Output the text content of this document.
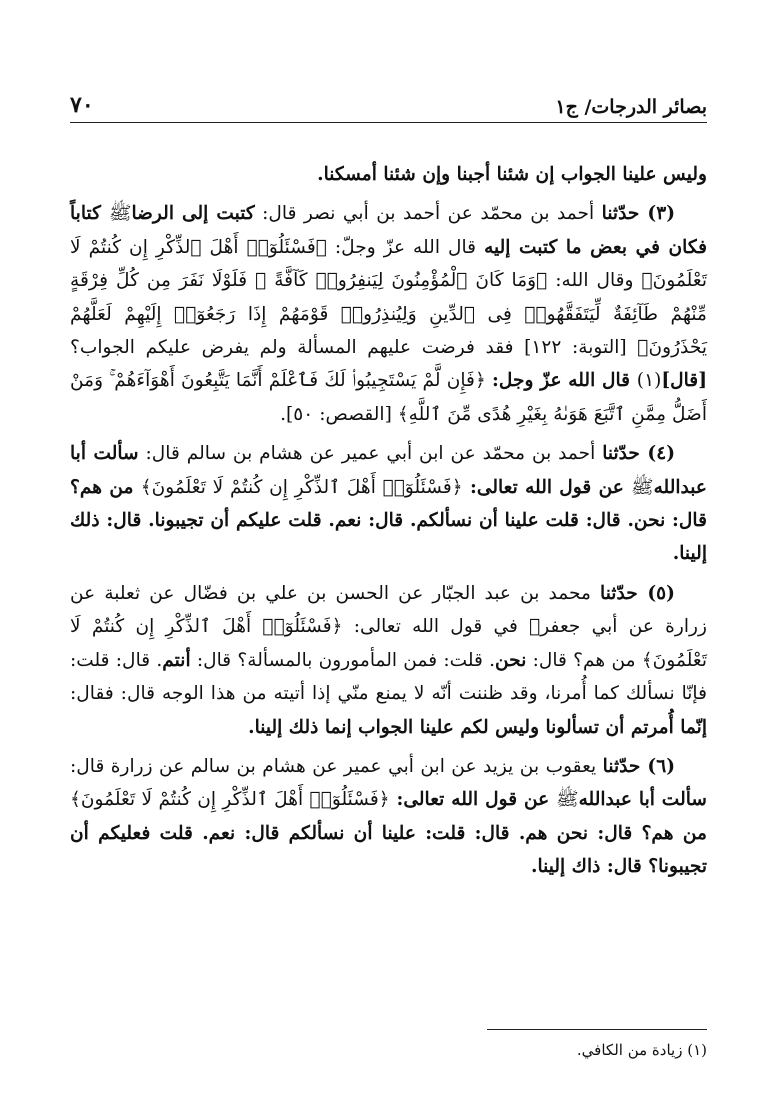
بصائر الدرجات/ ج١
٧٠

وليس علينا الجواب إن شئنا أجبنا وإن شئنا أمسكنا.

(٣) حدّثنا أحمد بن محمّد عن أحمد بن أبي نصر قال: كتبت إلى الرضاﷺ كتاباً فكان في بعض ما كتبت إليه قال الله عزّ وجلّ: ﴿فَسْئَلُوٓا۟ أَهْلَ ٱلذِّكْرِ إِن كُنتُمْ لَا تَعْلَمُونَ﴾ وقال الله: ﴿وَمَا كَانَ ٱلْمُؤْمِنُونَ لِيَنفِرُوا۟ كَآفَّةً ۚ فَلَوْلَا نَفَرَ مِن كُلِّ فِرْقَةٍ مِّنْهُمْ طَآئِفَةٌ لِّيَتَفَقَّهُوا۟ فِى ٱلدِّينِ وَلِيُنذِرُوا۟ قَوْمَهُمْ إِذَا رَجَعُوٓا۟ إِلَيْهِمْ لَعَلَّهُمْ يَحْذَرُونَ﴾ [التوبة: ١٢٢] فقد فرضت عليهم المسألة ولم يفرض عليكم الجواب؟ [قال](١) قال الله عزّ وجل: ﴿فَإِن لَّمْ يَسْتَجِيبُوا۟ لَكَ فَٱعْلَمْ أَنَّمَا يَتَّبِعُونَ أَهْوَآءَهُمْ ۚ وَمَنْ أَضَلُّ مِمَّنِ ٱتَّبَعَ هَوَىٰهُ بِغَيْرِ هُدًى مِّنَ ٱللَّهِ﴾ [القصص: ٥٠].

(٤) حدّثنا أحمد بن محمّد عن ابن أبي عمير عن هشام بن سالم قال: سألت أبا عبداللهﷺ عن قول الله تعالى: ﴿فَسْئَلُوٓا۟ أَهْلَ ٱلذِّكْرِ إِن كُنتُمْ لَا تَعْلَمُونَ﴾ من هم؟ قال: نحن. قال: قلت علينا أن نسألكم. قال: نعم. قلت عليكم أن تجيبونا. قال: ذلك إلينا.

(٥) حدّثنا محمد بن عبد الجبّار عن الحسن بن علي بن فضّال عن ثعلبة عن زرارة عن أبي جعفرﷺ في قول الله تعالى: ﴿فَسْئَلُوٓا۟ أَهْلَ ٱلذِّكْرِ إِن كُنتُمْ لَا تَعْلَمُونَ﴾ من هم؟ قال: نحن. قلت: فمن المأمورون بالمسألة؟ قال: أنتم. قال: قلت: فإنّا نسألك كما أُمرنا، وقد ظننت أنّه لا يمنع منّي إذا أتيته من هذا الوجه قال: فقال: إنّما أُمرتم أن تسألونا وليس لكم علينا الجواب إنما ذلك إلينا.

(٦) حدّثنا يعقوب بن يزيد عن ابن أبي عمير عن هشام بن سالم عن زرارة قال: سألت أبا عبداللهﷺ عن قول الله تعالى: ﴿فَسْئَلُوٓا۟ أَهْلَ ٱلذِّكْرِ إِن كُنتُمْ لَا تَعْلَمُونَ﴾ من هم؟ قال: نحن هم. قال: قلت: علينا أن نسألكم قال: نعم. قلت فعليكم أن تجيبونا؟ قال: ذاك إلينا.

(١) زيادة من الكافي.
